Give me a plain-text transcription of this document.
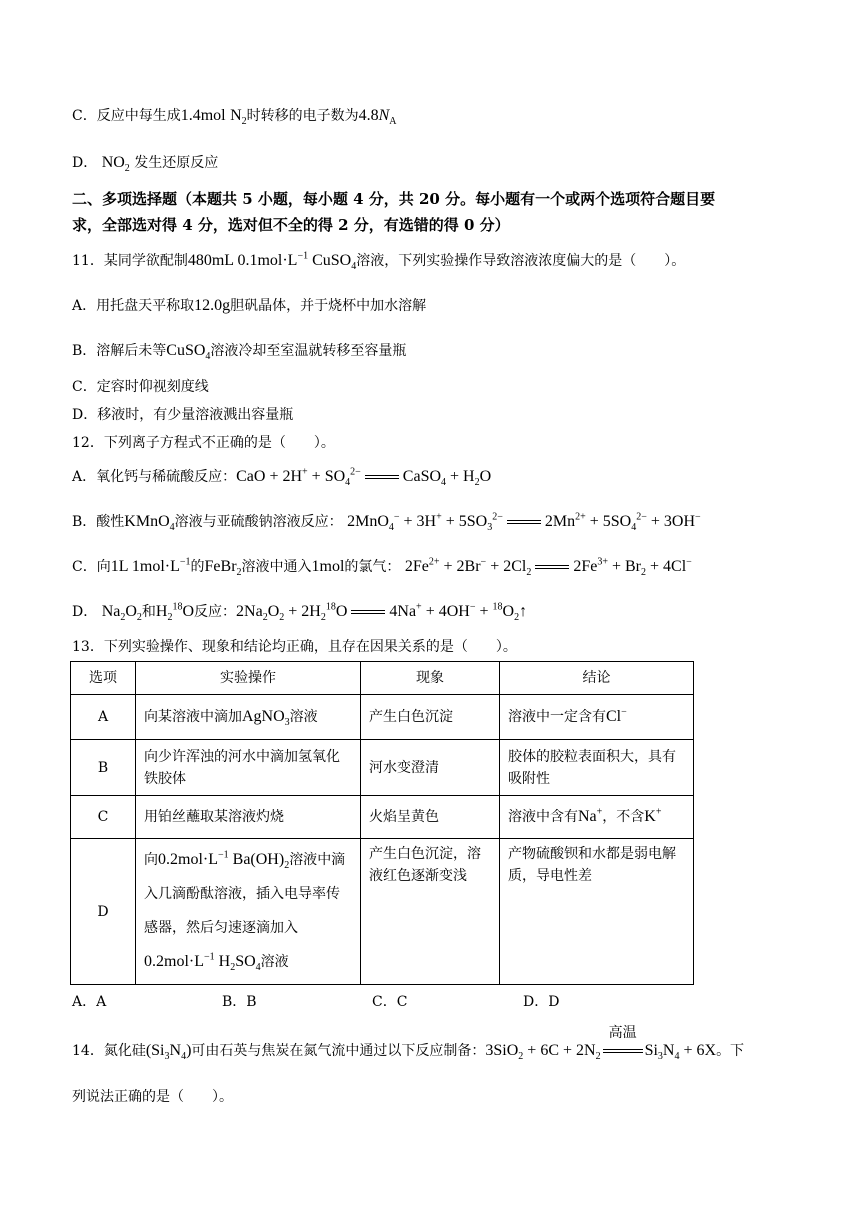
C．反应中每生成1.4mol $N_2$时转移的电子数为$4.8N_A$
D． $NO_2$ 发生还原反应
二、多项选择题（本题共 5 小题，每小题 4 分，共 20 分。每小题有一个或两个选项符合题目要
求，全部选对得 4 分，选对但不全的得 2 分，有选错的得 0 分）
11．某同学欲配制480mL $0.1mol\cdot L^{-1}$ CuSO$_4$溶液，下列实验操作导致溶液浓度偏大的是（　　）。
A．用托盘天平称取12.0g胆矾晶体，并于烧杯中加水溶解
B．溶解后未等CuSO$_4$溶液冷却至室温就转移至容量瓶
C．定容时仰视刻度线
D．移液时，有少量溶液溅出容量瓶
12．下列离子方程式不正确的是（　　）。
A．氧化钙与稀硫酸反应：CaO + $2H^+ + SO_4^{2-}$	CaSO$_4$ + $H_2O$
B．酸性KMnO$_4$溶液与亚硫酸钠溶液反应： $2MnO_4^- + 3H^+ + 5SO_3^{2-}$	$2Mn^{2+} + 5SO_4^{2-} + 3OH^-$
C．向1L $1mol\cdot L^{-1}$的FeBr$_2$溶液中通入1mol的氯气： $2Fe^{2+} + 2Br^- + 2Cl_2$	$2Fe^{3+} + Br_2 + 4Cl^-$
D． $Na_2O_2$和$H_2^{18}O$反应：$2Na_2O_2 + 2H_2^{18}O$	$4Na^+ + 4OH^- + ^{18}O_2↑$
13．下列实验操作、现象和结论均正确，且存在因果关系的是（　　）。
选项	实验操作	现象	结论
A	向某溶液中滴加AgNO$_3$溶液	产生白色沉淀	溶液中一定含有Cl−
B	向少许浑浊的河水中滴加氢氧化铁胶体	河水变澄清	胶体的胶粒表面积大，具有吸附性
C	用铂丝蘸取某溶液灼烧	火焰呈黄色	溶液中含有Na+，不含K+
D	向$0.2mol\cdot L^{-1}$ $Ba(OH)_2$溶液中滴入几滴酚酞溶液，插入电导率传感器，然后匀速逐滴加入$0.2mol\cdot L^{-1}$ $H_2SO_4$溶液	产生白色沉淀，溶液红色逐渐变浅	产物硫酸钡和水都是弱电解质，导电性差
A．A	B．B	C．C	D．D
14．氮化硅$(Si_3N_4)$可由石英与焦炭在氮气流中通过以下反应制备：$3SiO_2 + 6C + 2N_2$
高温
$Si_3N_4 + 6X$。下
列说法正确的是（　　）。
